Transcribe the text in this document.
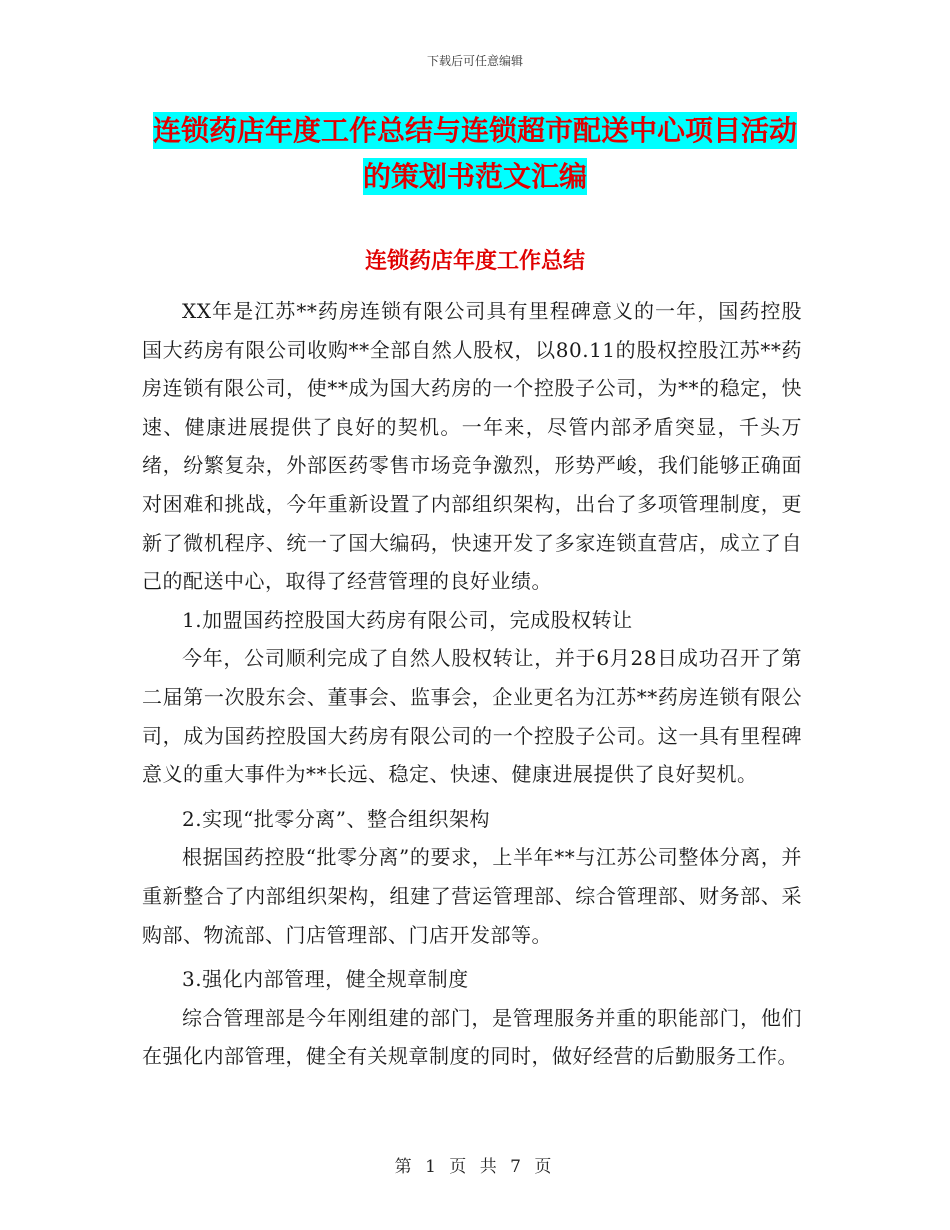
下载后可任意编辑
连锁药店年度工作总结与连锁超市配送中心项目活动
的策划书范文汇编
连锁药店年度工作总结

XX年是江苏**药房连锁有限公司具有里程碑意义的一年，国药控股国大药房有限公司收购**全部自然人股权，以80.11的股权控股江苏**药房连锁有限公司，使**成为国大药房的一个控股子公司，为**的稳定，快速、健康进展提供了良好的契机。一年来，尽管内部矛盾突显，千头万绪，纷繁复杂，外部医药零售市场竞争激烈，形势严峻，我们能够正确面对困难和挑战，今年重新设置了内部组织架构，出台了多项管理制度，更新了微机程序、统一了国大编码，快速开发了多家连锁直营店，成立了自己的配送中心，取得了经营管理的良好业绩。

1.加盟国药控股国大药房有限公司，完成股权转让

今年，公司顺利完成了自然人股权转让，并于6月28日成功召开了第二届第一次股东会、董事会、监事会，企业更名为江苏**药房连锁有限公司，成为国药控股国大药房有限公司的一个控股子公司。这一具有里程碑意义的重大事件为**长远、稳定、快速、健康进展提供了良好契机。

2.实现“批零分离”、整合组织架构

根据国药控股“批零分离”的要求，上半年**与江苏公司整体分离，并重新整合了内部组织架构，组建了营运管理部、综合管理部、财务部、采购部、物流部、门店管理部、门店开发部等。

3.强化内部管理，健全规章制度

综合管理部是今年刚组建的部门，是管理服务并重的职能部门，他们在强化内部管理，健全有关规章制度的同时，做好经营的后勤服务工作。

第 1 页 共 7 页
